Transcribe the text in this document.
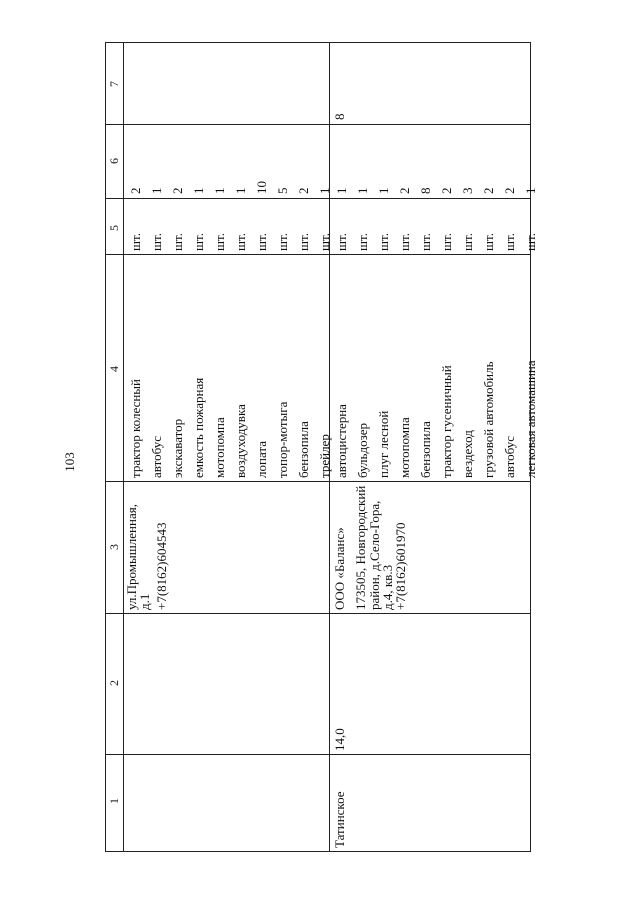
103
1
2
3
4
5
6
7
ул.Промышленная,
д.1 +7(8162)604543
трактор колесный автобус экскаватор емкость пожарная мотопомпа воздуходувка лопата топор-мотыга бензопила трейлер
шт. шт. шт. шт. шт. шт. шт. шт. шт. шт.
2 1 2 1 1 1 10 5 2 1
Татинское
14,0
ООО «Баланс» 173505, Новгородский район, д.Село-Гора,
д.4, кв.3
+7(8162)601970
автоцистерна бульдозер плуг лесной мотопомпа бензопила трактор гусеничный вездеход грузовой автомобиль автобус легковая автомашина
шт. шт. шт. шт. шт. шт. шт. шт. шт. шт.
1 1 1 2 8 2 3 2 2 1
8
